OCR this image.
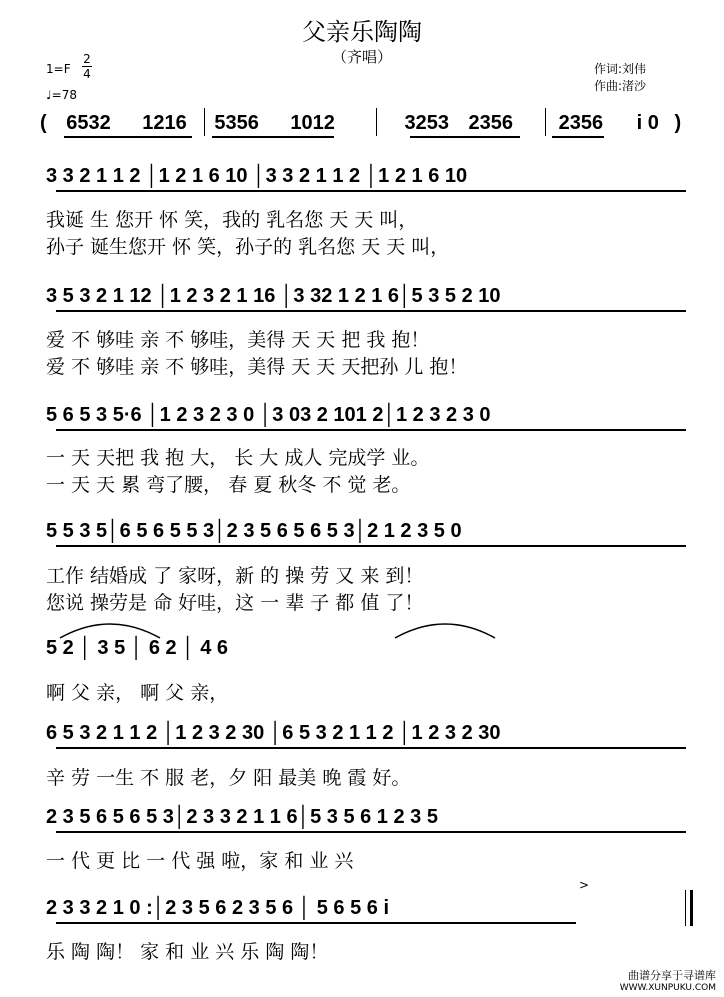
父亲乐陶陶
（齐唱）
1=F
2
4
♩=78
作词:刘伟
作曲:渚沙
( 6532 1216 5356 1012	3253 2356 2356 i 0 )
3 3 2 1 1 2 │1 2 1 6 10 │3 3 2 1 1 2 │1 2 1 6 10
我诞 生 您开 怀 笑，我的 乳名您 天 天 叫，
孙子 诞生您开 怀 笑，孙子的 乳名您 天 天 叫，
3 5 3 2 1 12 │1 2 3 2 1 16 │3 32 1 2 1 6│5 3 5 2 10
爱 不 够哇 亲 不 够哇，美得 天 天 把 我 抱！
爱 不 够哇 亲 不 够哇，美得 天 天 天把孙 儿 抱！
5 6 5 3 5·6 │1 2 3 2 3 0 │3 03 2 101 2│1 2 3 2 3 0
一 天 天把 我 抱 大， 长 大 成人 完成学 业。
一 天 天 累 弯了腰， 春 夏 秋冬 不 觉 老。
5 5 3 5│6 5 6 5 5 3│2 3 5 6 5 6 5 3│2 1 2 3 5 0
工作 结婚成 了 家呀，新 的 操 劳 又 来 到！
您说 操劳是 命 好哇，这 一 辈 子 都 值 了！
5 2 │ 3 5 │ 6 2 │ 4 6
啊 父 亲， 啊 父 亲，
6 5 3 2 1 1 2 │1 2 3 2 30 │6 5 3 2 1 1 2 │1 2 3 2 30
辛 劳 一生 不 服 老，夕 阳 最美 晚 霞 好。
2 3 5 6 5 6 5 3│2 3 3 2 1 1 6│5 3 5 6 1 2 3 5
一 代 更 比 一 代 强 啦，家 和 业 兴
2 3 3 2 1 0 :│2 3 5 6 2 3 5 6 │ 5 6 5 6 i
>
乐 陶 陶！ 家 和 业 兴 乐 陶 陶！
曲谱分享于寻谱库
WWW.XUNPUKU.COM
